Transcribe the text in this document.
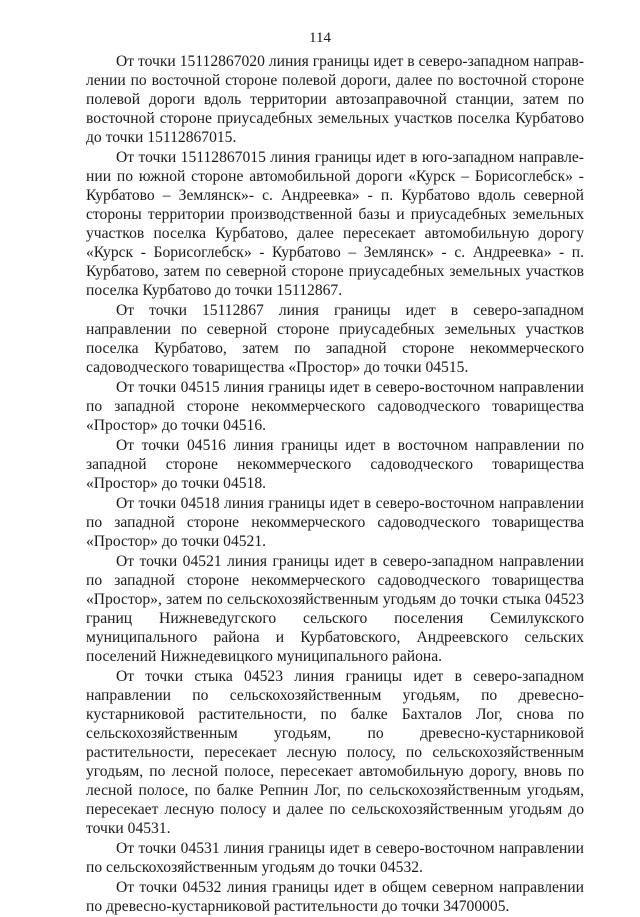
114

От точки 15112867020 линия границы идет в северо-западном направлении по восточной стороне полевой дороги, далее по восточной стороне полевой дороги вдоль территории автозаправочной станции, затем по восточной стороне приусадебных земельных участков поселка Курбатово до точки 15112867015.

От точки 15112867015 линия границы идет в юго-западном направлении по южной стороне автомобильной дороги «Курск – Борисоглебск» - Курбатово – Землянск»- с. Андреевка» - п. Курбатово вдоль северной стороны территории производственной базы и приусадебных земельных участков поселка Курбатово, далее пересекает автомобильную дорогу «Курск - Борисоглебск» - Курбатово – Землянск» - с. Андреевка» - п. Курбатово, затем по северной стороне приусадебных земельных участков поселка Курбатово до точки 15112867.

От точки 15112867 линия границы идет в северо-западном направлении по северной стороне приусадебных земельных участков поселка Курбатово, затем по западной стороне некоммерческого садоводческого товарищества «Простор» до точки 04515.

От точки 04515 линия границы идет в северо-восточном направлении по западной стороне некоммерческого садоводческого товарищества «Простор» до точки 04516.

От точки 04516 линия границы идет в восточном направлении по западной стороне некоммерческого садоводческого товарищества «Простор» до точки 04518.

От точки 04518 линия границы идет в северо-восточном направлении по западной стороне некоммерческого садоводческого товарищества «Простор» до точки 04521.

От точки 04521 линия границы идет в северо-западном направлении по западной стороне некоммерческого садоводческого товарищества «Простор», затем по сельскохозяйственным угодьям до точки стыка 04523 границ Нижневедугского сельского поселения Семилукского муниципального района и Курбатовского, Андреевского сельских поселений Нижнедевицкого муниципального района.

От точки стыка 04523 линия границы идет в северо-западном направлении по сельскохозяйственным угодьям, по древесно-кустарниковой растительности, по балке Бахталов Лог, снова по сельскохозяйственным угодьям, по древесно-кустарниковой растительности, пересекает лесную полосу, по сельскохозяйственным угодьям, по лесной полосе, пересекает автомобильную дорогу, вновь по лесной полосе, по балке Репнин Лог, по сельскохозяйственным угодьям, пересекает лесную полосу и далее по сельскохозяйственным угодьям до точки 04531.

От точки 04531 линия границы идет в северо-восточном направлении по сельскохозяйственным угодьям до точки 04532.

От точки 04532 линия границы идет в общем северном направлении по древесно-кустарниковой растительности до точки 34700005.
